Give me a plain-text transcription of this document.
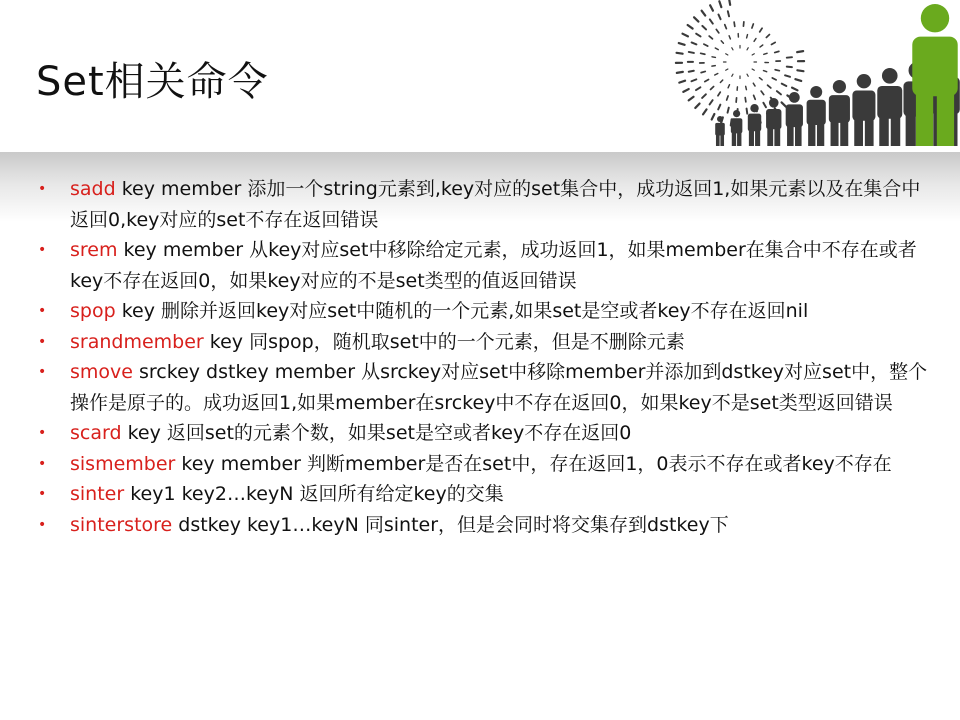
Set相关命令
• sadd key member 添加一个string元素到,key对应的set集合中，成功返回1,如果元素以及在集合中返回0,key对应的set不存在返回错误
• srem key member 从key对应set中移除给定元素，成功返回1，如果member在集合中不存在或者key不存在返回0，如果key对应的不是set类型的值返回错误
• spop key 删除并返回key对应set中随机的一个元素,如果set是空或者key不存在返回nil
• srandmember key 同spop，随机取set中的一个元素，但是不删除元素
• smove srckey dstkey member 从srckey对应set中移除member并添加到dstkey对应set中，整个操作是原子的。成功返回1,如果member在srckey中不存在返回0，如果key不是set类型返回错误
• scard key 返回set的元素个数，如果set是空或者key不存在返回0
• sismember key member 判断member是否在set中，存在返回1，0表示不存在或者key不存在
• sinter key1 key2…keyN 返回所有给定key的交集
• sinterstore dstkey key1…keyN 同sinter，但是会同时将交集存到dstkey下
